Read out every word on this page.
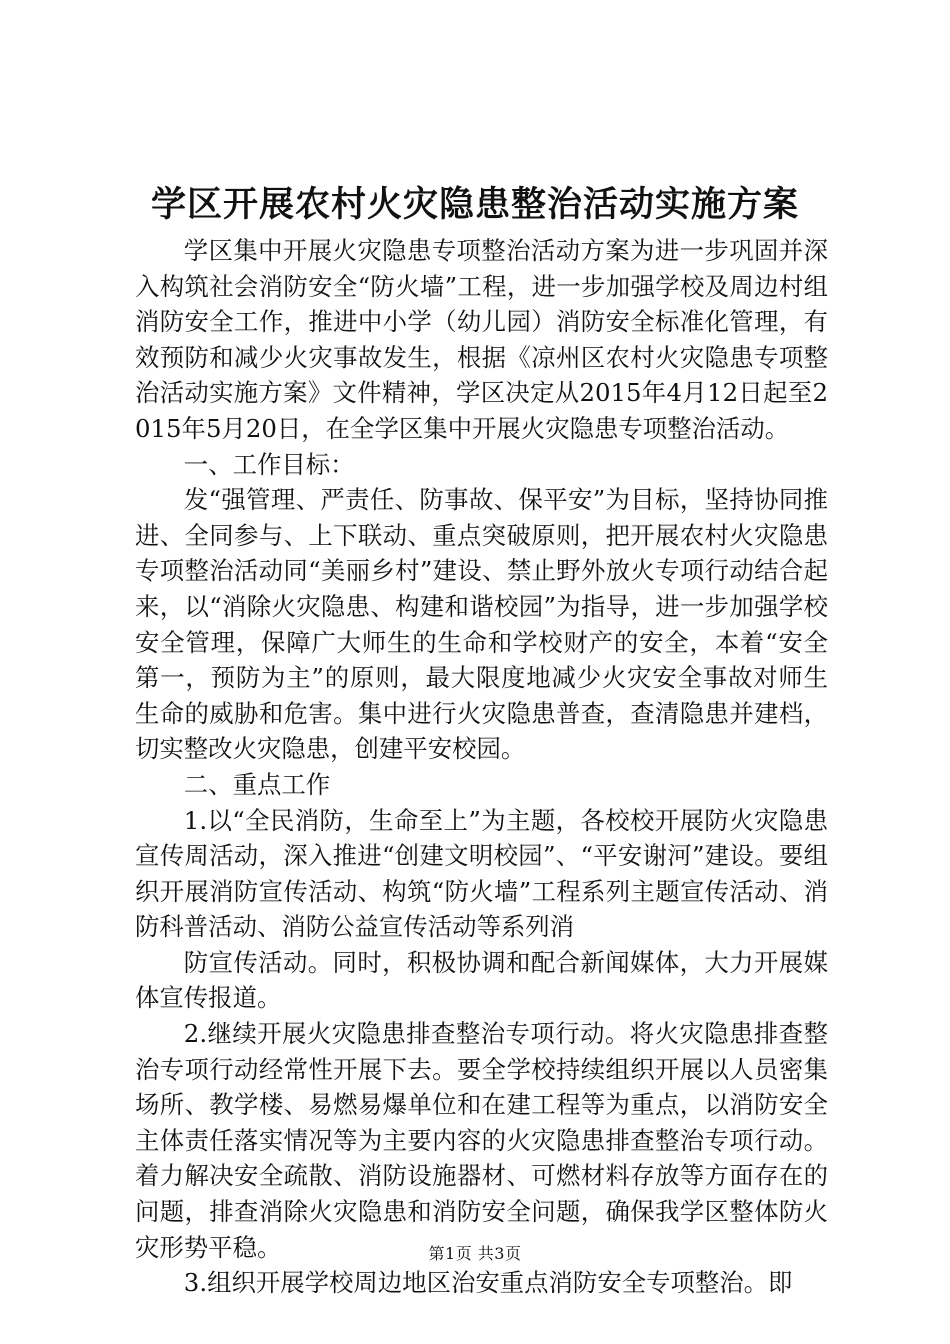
学区开展农村火灾隐患整治活动实施方案

学区集中开展火灾隐患专项整治活动方案为进一步巩固并深入构筑社会消防安全“防火墙”工程，进一步加强学校及周边村组消防安全工作，推进中小学（幼儿园）消防安全标准化管理，有效预防和减少火灾事故发生，根据《凉州区农村火灾隐患专项整治活动实施方案》文件精神，学区决定从2015年4月12日起至2015年5月20日，在全学区集中开展火灾隐患专项整治活动。

一、工作目标：

发“强管理、严责任、防事故、保平安”为目标，坚持协同推进、全同参与、上下联动、重点突破原则，把开展农村火灾隐患专项整治活动同“美丽乡村”建设、禁止野外放火专项行动结合起来，以“消除火灾隐患、构建和谐校园”为指导，进一步加强学校安全管理，保障广大师生的生命和学校财产的安全，本着“安全第一，预防为主”的原则，最大限度地减少火灾安全事故对师生生命的威胁和危害。集中进行火灾隐患普查，查清隐患并建档，切实整改火灾隐患，创建平安校园。

二、重点工作

1.以“全民消防，生命至上”为主题，各校校开展防火灾隐患宣传周活动，深入推进“创建文明校园”、“平安谢河”建设。要组织开展消防宣传活动、构筑“防火墙”工程系列主题宣传活动、消防科普活动、消防公益宣传活动等系列消

防宣传活动。同时，积极协调和配合新闻媒体，大力开展媒体宣传报道。

2.继续开展火灾隐患排查整治专项行动。将火灾隐患排查整治专项行动经常性开展下去。要全学校持续组织开展以人员密集场所、教学楼、易燃易爆单位和在建工程等为重点，以消防安全主体责任落实情况等为主要内容的火灾隐患排查整治专项行动。着力解决安全疏散、消防设施器材、可燃材料存放等方面存在的问题，排查消除火灾隐患和消防安全问题，确保我学区整体防火灾形势平稳。

3.组织开展学校周边地区治安重点消防安全专项整治。即

第1页 共3页
